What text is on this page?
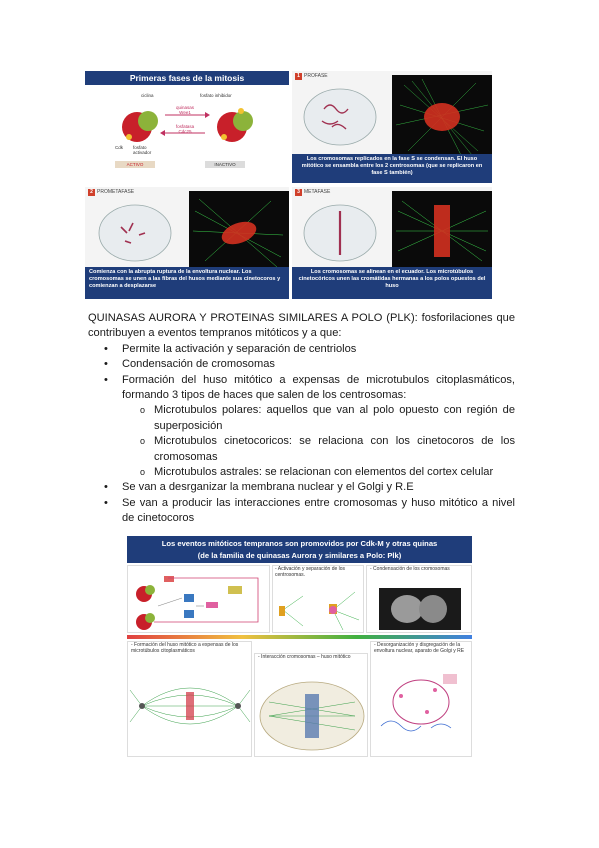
Primeras fases de la mitosis
ciclina	fosfato inhibidor
quinasas Wee1
fosfatasa Cdc25
Cdk fosfato activador
ACTIVO	INACTIVO
1 PROFASE
Los cromosomas replicados en la fase S se condensan. El huso mitótico se ensambla entre los 2 centrosomas (que se replicaron en fase S también)
2 PROMETAFASE
Comienza con la abrupta ruptura de la envoltura nuclear. Los cromosomas se unen a las fibras del husos mediante sus cinetocoros y comienzan a desplazarse
3 METAFASE
Los cromosomas se alinean en el ecuador. Los microtúbulos cinetocóricos unen las cromátidas hermanas a los polos opuestos del huso

QUINASAS AURORA Y PROTEINAS SIMILARES A POLO (PLK): fosforilaciones que contribuyen a eventos tempranos mitóticos y a que:

• Permite la activación y separación de centriolos
• Condensación de cromosomas
• Formación del huso mitótico a expensas de microtubulos citoplasmáticos, formando 3 tipos de haces que salen de los centrosomas:
o Microtubulos polares: aquellos que van al polo opuesto con región de superposición
o Microtubulos cinetocoricos: se relaciona con los cinetocoros de los cromosomas
o Microtubulos astrales: se relacionan con elementos del cortex celular
• Se van a desrganizar la membrana nuclear y el Golgi y R.E
• Se van a producir las interacciones entre cromosomas y huso mitótico a nivel de cinetocoros
Los eventos mitóticos tempranos son promovidos por Cdk-M y otras quinas
(de la familia de quinasas Aurora y similares a Polo: Plk)
- Activación y separación de los centrosomas.
- Condensación de los cromosomas
- Formación del huso mitótico a expensas de los microtúbulos citoplasmáticos
- Interacción cromosomas – huso mitótico
- Desorganización y disgregación de la envoltura nuclear, aparato de Golgi y RE
